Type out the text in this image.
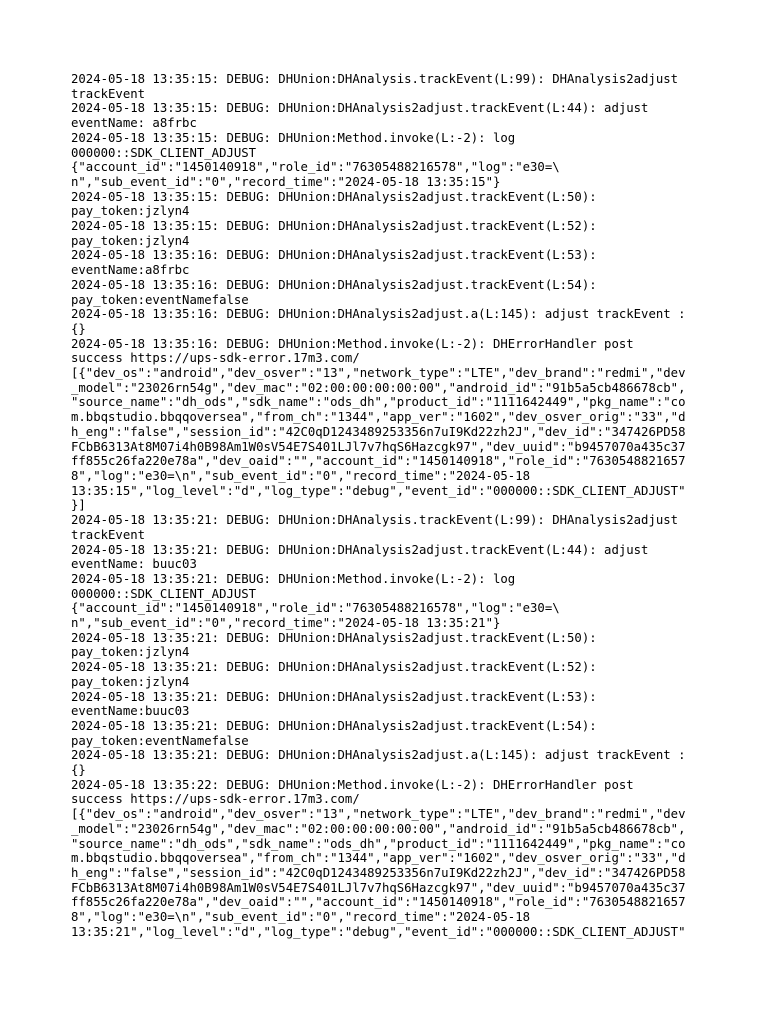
2024-05-18 13:35:15: DEBUG: DHUnion:DHAnalysis.trackEvent(L:99): DHAnalysis2adjust
trackEvent
2024-05-18 13:35:15: DEBUG: DHUnion:DHAnalysis2adjust.trackEvent(L:44): adjust
eventName: a8frbc
2024-05-18 13:35:15: DEBUG: DHUnion:Method.invoke(L:-2): log
000000::SDK_CLIENT_ADJUST
{"account_id":"1450140918","role_id":"76305488216578","log":"e30=\
n","sub_event_id":"0","record_time":"2024-05-18 13:35:15"}
2024-05-18 13:35:15: DEBUG: DHUnion:DHAnalysis2adjust.trackEvent(L:50):
pay_token:jzlyn4
2024-05-18 13:35:15: DEBUG: DHUnion:DHAnalysis2adjust.trackEvent(L:52):
pay_token:jzlyn4
2024-05-18 13:35:16: DEBUG: DHUnion:DHAnalysis2adjust.trackEvent(L:53):
eventName:a8frbc
2024-05-18 13:35:16: DEBUG: DHUnion:DHAnalysis2adjust.trackEvent(L:54):
pay_token:eventNamefalse
2024-05-18 13:35:16: DEBUG: DHUnion:DHAnalysis2adjust.a(L:145): adjust trackEvent :
{}
2024-05-18 13:35:16: DEBUG: DHUnion:Method.invoke(L:-2): DHErrorHandler post
success https://ups-sdk-error.17m3.com/
[{"dev_os":"android","dev_osver":"13","network_type":"LTE","dev_brand":"redmi","dev
_model":"23026rn54g","dev_mac":"02:00:00:00:00:00","android_id":"91b5a5cb486678cb",
"source_name":"dh_ods","sdk_name":"ods_dh","product_id":"1111642449","pkg_name":"co
m.bbqstudio.bbqqoversea","from_ch":"1344","app_ver":"1602","dev_osver_orig":"33","d
h_eng":"false","session_id":"42C0qD1243489253356n7uI9Kd22zh2J","dev_id":"347426PD58
FCbB6313At8M07i4h0B98Am1W0sV54E7S401LJl7v7hqS6Hazcgk97","dev_uuid":"b9457070a435c37
ff855c26fa220e78a","dev_oaid":"","account_id":"1450140918","role_id":"7630548821657
8","log":"e30=\n","sub_event_id":"0","record_time":"2024-05-18
13:35:15","log_level":"d","log_type":"debug","event_id":"000000::SDK_CLIENT_ADJUST"
}]
2024-05-18 13:35:21: DEBUG: DHUnion:DHAnalysis.trackEvent(L:99): DHAnalysis2adjust
trackEvent
2024-05-18 13:35:21: DEBUG: DHUnion:DHAnalysis2adjust.trackEvent(L:44): adjust
eventName: buuc03
2024-05-18 13:35:21: DEBUG: DHUnion:Method.invoke(L:-2): log
000000::SDK_CLIENT_ADJUST
{"account_id":"1450140918","role_id":"76305488216578","log":"e30=\
n","sub_event_id":"0","record_time":"2024-05-18 13:35:21"}
2024-05-18 13:35:21: DEBUG: DHUnion:DHAnalysis2adjust.trackEvent(L:50):
pay_token:jzlyn4
2024-05-18 13:35:21: DEBUG: DHUnion:DHAnalysis2adjust.trackEvent(L:52):
pay_token:jzlyn4
2024-05-18 13:35:21: DEBUG: DHUnion:DHAnalysis2adjust.trackEvent(L:53):
eventName:buuc03
2024-05-18 13:35:21: DEBUG: DHUnion:DHAnalysis2adjust.trackEvent(L:54):
pay_token:eventNamefalse
2024-05-18 13:35:21: DEBUG: DHUnion:DHAnalysis2adjust.a(L:145): adjust trackEvent :
{}
2024-05-18 13:35:22: DEBUG: DHUnion:Method.invoke(L:-2): DHErrorHandler post
success https://ups-sdk-error.17m3.com/
[{"dev_os":"android","dev_osver":"13","network_type":"LTE","dev_brand":"redmi","dev
_model":"23026rn54g","dev_mac":"02:00:00:00:00:00","android_id":"91b5a5cb486678cb",
"source_name":"dh_ods","sdk_name":"ods_dh","product_id":"1111642449","pkg_name":"co
m.bbqstudio.bbqqoversea","from_ch":"1344","app_ver":"1602","dev_osver_orig":"33","d
h_eng":"false","session_id":"42C0qD1243489253356n7uI9Kd22zh2J","dev_id":"347426PD58
FCbB6313At8M07i4h0B98Am1W0sV54E7S401LJl7v7hqS6Hazcgk97","dev_uuid":"b9457070a435c37
ff855c26fa220e78a","dev_oaid":"","account_id":"1450140918","role_id":"7630548821657
8","log":"e30=\n","sub_event_id":"0","record_time":"2024-05-18
13:35:21","log_level":"d","log_type":"debug","event_id":"000000::SDK_CLIENT_ADJUST"
